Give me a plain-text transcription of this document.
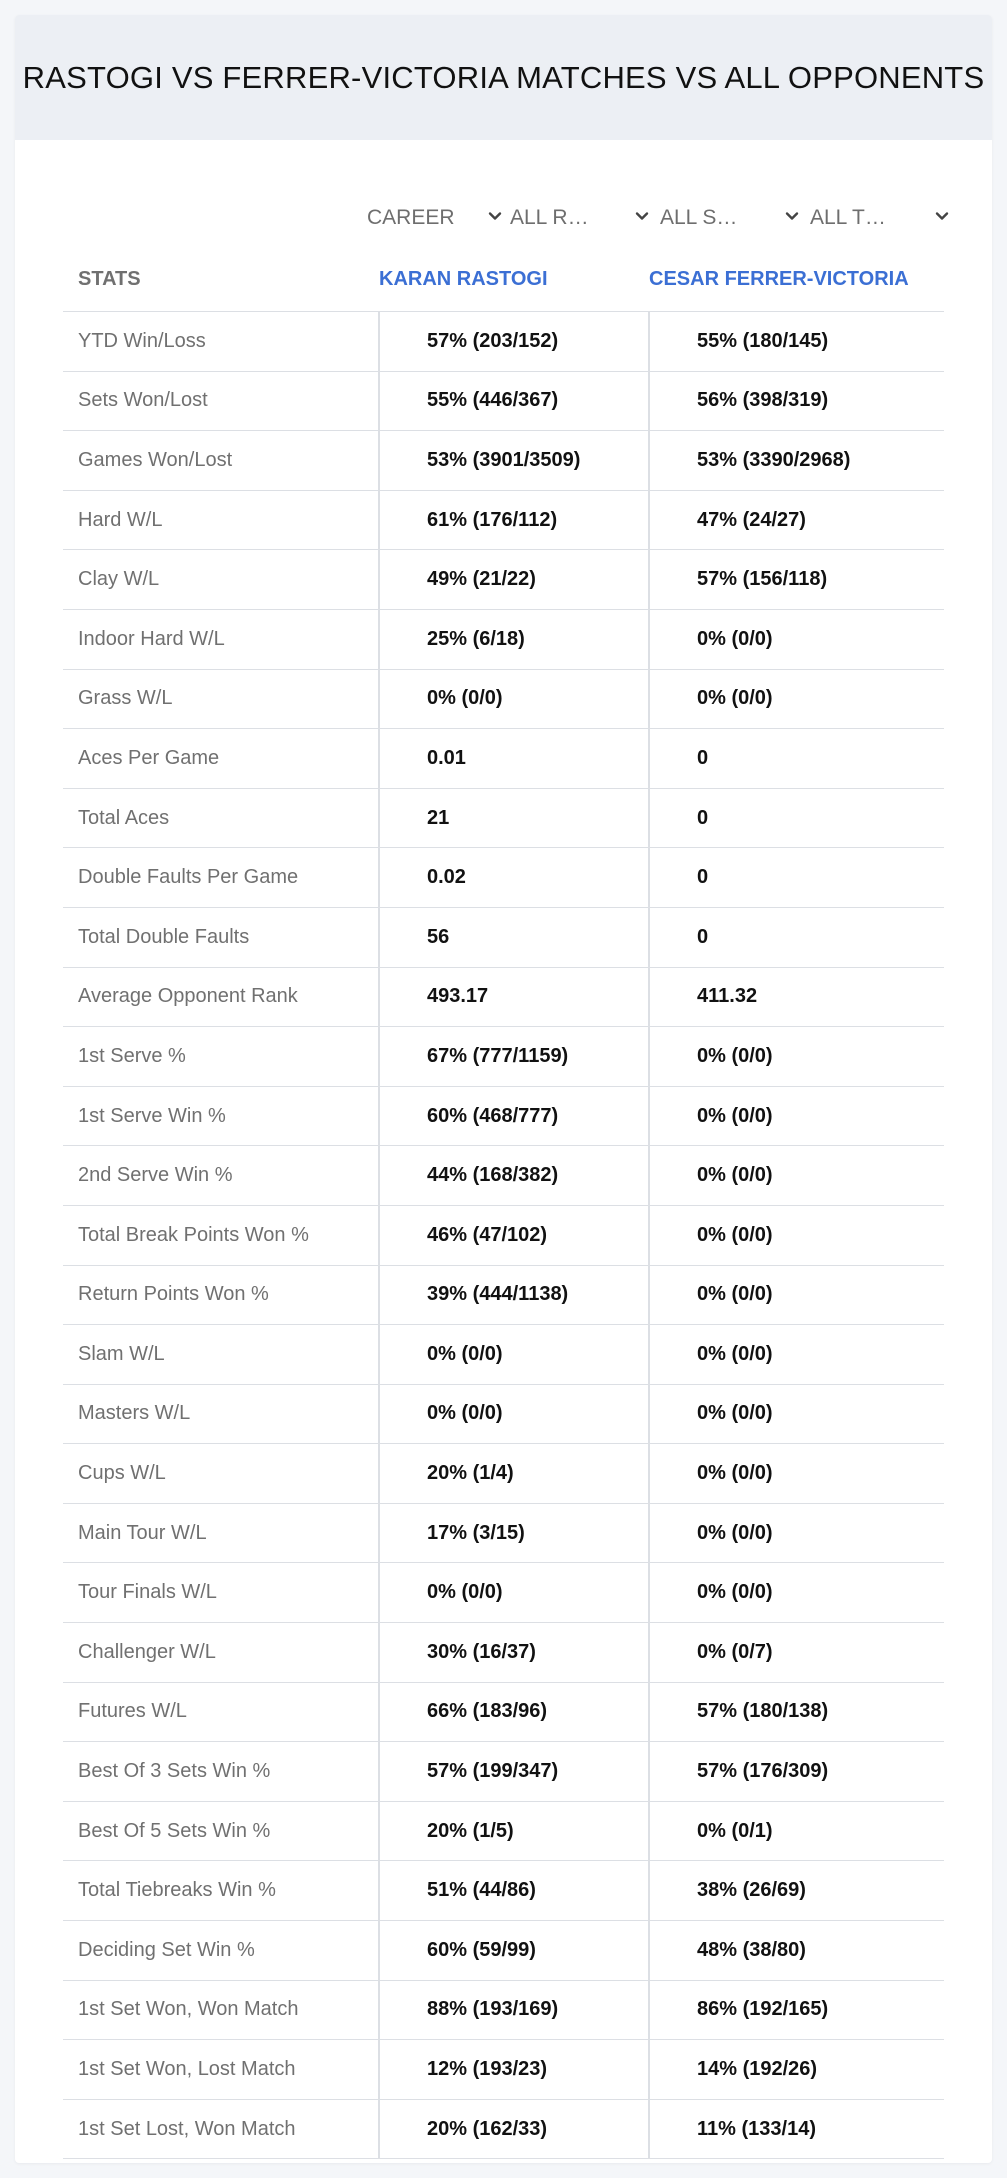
RASTOGI VS FERRER-VICTORIA MATCHES VS ALL OPPONENTS
CAREER	ALL R…	ALL S…	ALL T…
STATS	KARAN RASTOGI	CESAR FERRER-VICTORIA
YTD Win/Loss	57% (203/152)	55% (180/145)
Sets Won/Lost	55% (446/367)	56% (398/319)
Games Won/Lost	53% (3901/3509)	53% (3390/2968)
Hard W/L	61% (176/112)	47% (24/27)
Clay W/L	49% (21/22)	57% (156/118)
Indoor Hard W/L	25% (6/18)	0% (0/0)
Grass W/L	0% (0/0)	0% (0/0)
Aces Per Game	0.01	0
Total Aces	21	0
Double Faults Per Game	0.02	0
Total Double Faults	56	0
Average Opponent Rank	493.17	411.32
1st Serve %	67% (777/1159)	0% (0/0)
1st Serve Win %	60% (468/777)	0% (0/0)
2nd Serve Win %	44% (168/382)	0% (0/0)
Total Break Points Won %	46% (47/102)	0% (0/0)
Return Points Won %	39% (444/1138)	0% (0/0)
Slam W/L	0% (0/0)	0% (0/0)
Masters W/L	0% (0/0)	0% (0/0)
Cups W/L	20% (1/4)	0% (0/0)
Main Tour W/L	17% (3/15)	0% (0/0)
Tour Finals W/L	0% (0/0)	0% (0/0)
Challenger W/L	30% (16/37)	0% (0/7)
Futures W/L	66% (183/96)	57% (180/138)
Best Of 3 Sets Win %	57% (199/347)	57% (176/309)
Best Of 5 Sets Win %	20% (1/5)	0% (0/1)
Total Tiebreaks Win %	51% (44/86)	38% (26/69)
Deciding Set Win %	60% (59/99)	48% (38/80)
1st Set Won, Won Match	88% (193/169)	86% (192/165)
1st Set Won, Lost Match	12% (193/23)	14% (192/26)
1st Set Lost, Won Match	20% (162/33)	11% (133/14)
